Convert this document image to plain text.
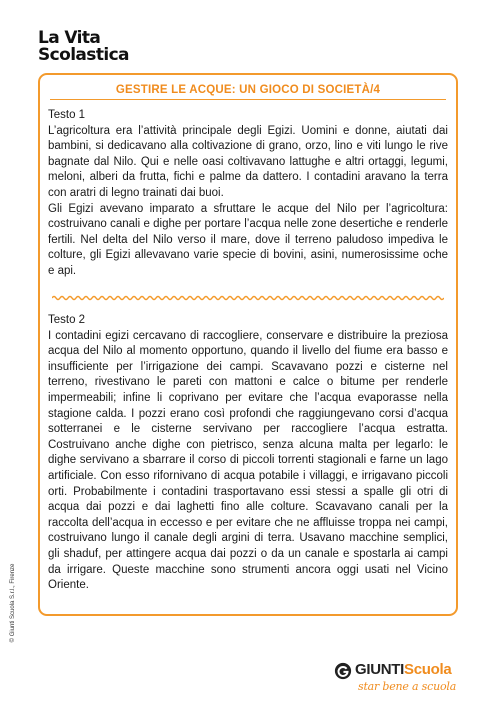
La Vita
Scolastica
GESTIRE LE ACQUE: UN GIOCO DI SOCIETÀ/4
Testo 1

L’agricoltura era l’attività principale degli Egizi. Uomini e donne, aiutati dai bambini, si dedicavano alla coltivazione di grano, orzo, lino e viti lungo le rive bagnate dal Nilo. Qui e nelle oasi coltivavano lattughe e altri ortaggi, legumi, meloni, alberi da frutta, fichi e palme da dattero. I contadini aravano la terra con aratri di legno trainati dai buoi.

Gli Egizi avevano imparato a sfruttare le acque del Nilo per l’agricoltura: costruivano canali e dighe per portare l’acqua nelle zone desertiche e renderle fertili. Nel delta del Nilo verso il mare, dove il terreno paludoso impediva le colture, gli Egizi allevavano varie specie di bovini, asini, numerosissime oche e api.

Testo 2

I contadini egizi cercavano di raccogliere, conservare e distribuire la preziosa acqua del Nilo al momento opportuno, quando il livello del fiume era basso e insufficiente per l’irrigazione dei campi. Scavavano pozzi e cisterne nel terreno, rivestivano le pareti con mattoni e calce o bitume per renderle impermeabili; infine li coprivano per evitare che l’acqua evaporasse nella stagione calda. I pozzi erano così profondi che raggiungevano corsi d’acqua sotterranei e le cisterne servivano per raccogliere l’acqua estratta. Costruivano anche dighe con pietrisco, senza alcuna malta per legarlo: le dighe servivano a sbarrare il corso di piccoli torrenti stagionali e farne un lago artificiale. Con esso rifornivano di acqua potabile i villaggi, e irrigavano piccoli orti. Probabilmente i contadini trasportavano essi stessi a spalle gli otri di acqua dai pozzi e dai laghetti fino alle colture. Scavavano canali per la raccolta dell’acqua in eccesso e per evitare che ne affluisse troppa nei campi, costruivano lungo il canale degli argini di terra. Usavano macchine semplici, gli shaduf, per attingere acqua dai pozzi o da un canale e spostarla ai campi da irrigare. Queste macchine sono strumenti ancora oggi usati nel Vicino Oriente.

© Giunti Scuola S.r.l., Firenze
GIUNTIScuola
star bene a scuola
